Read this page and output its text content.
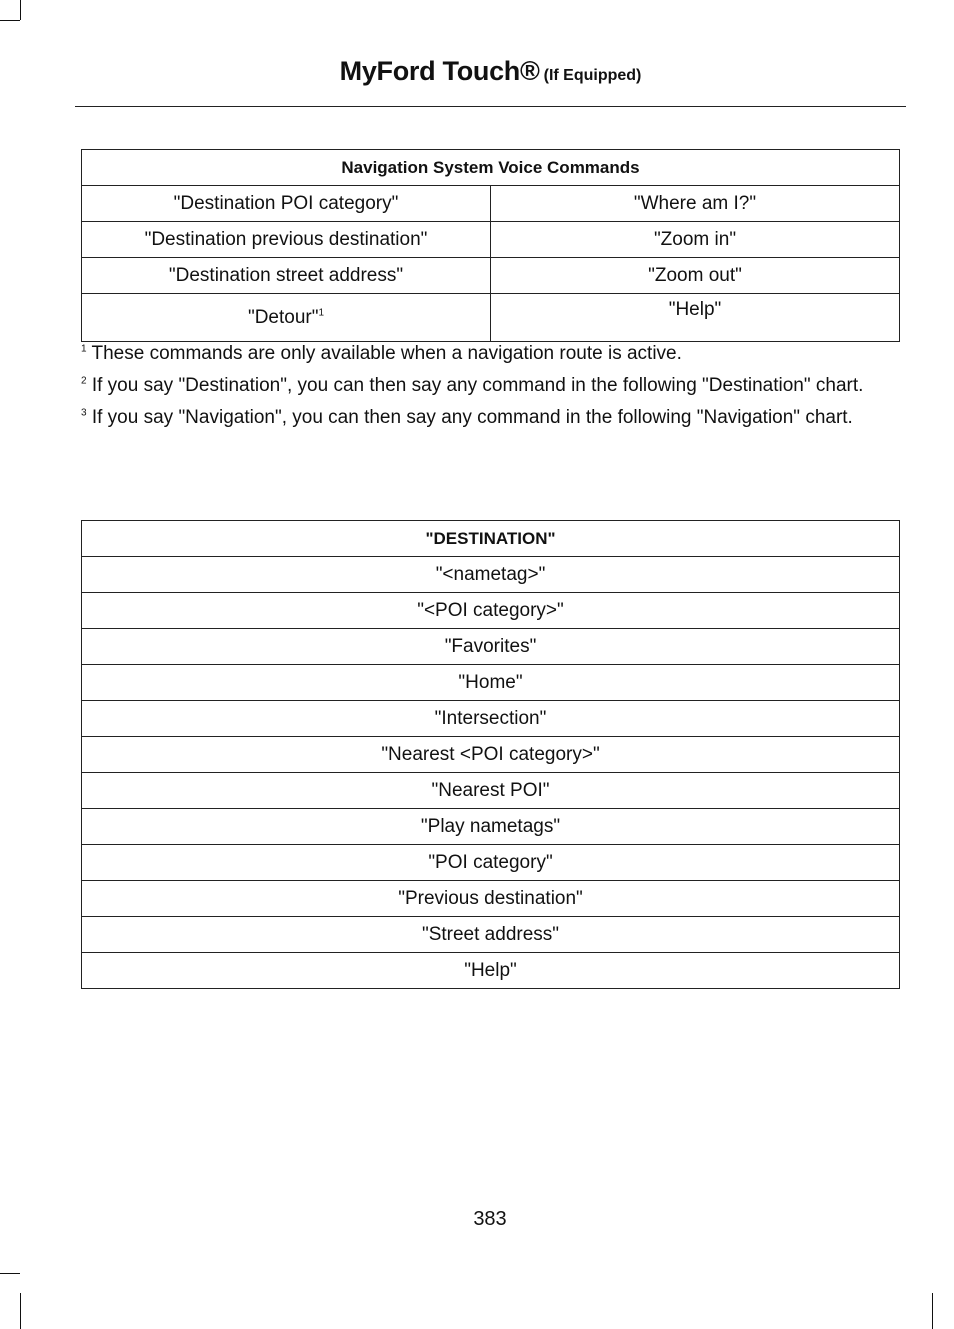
MyFord Touch® (If Equipped)
Navigation System Voice Commands	
"Destination POI category"	"Where am I?"
"Destination previous destination"	"Zoom in"
"Destination street address"	"Zoom out"
"Detour"$^1$	"Help"

$^1$ These commands are only available when a navigation route is active.

$^2$ If you say "Destination", you can then say any command in the following "Destination" chart.

$^3$ If you say "Navigation", you can then say any command in the following "Navigation" chart.

"DESTINATION"
"<nametag>"
"<POI category>"
"Favorites"
"Home"
"Intersection"
"Nearest <POI category>"
"Nearest POI"
"Play nametags"
"POI category"
"Previous destination"
"Street address"
"Help"
383
